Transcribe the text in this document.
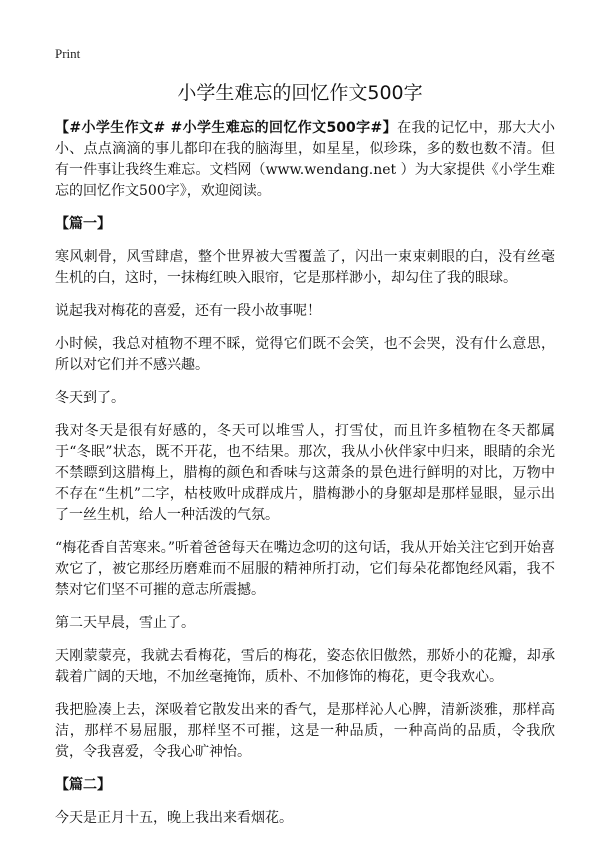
Print
小学生难忘的回忆作文500字

【#小学生作文# #小学生难忘的回忆作文500字#】在我的记忆中，那大大小小、点点滴滴的事儿都印在我的脑海里，如星星，似珍珠，多的数也数不清。但有一件事让我终生难忘。文档网（www.wendang.net ）为大家提供《小学生难忘的回忆作文500字》，欢迎阅读。

【篇一】

寒风刺骨，风雪肆虐，整个世界被大雪覆盖了，闪出一束束刺眼的白，没有丝毫生机的白，这时，一抹梅红映入眼帘，它是那样渺小，却勾住了我的眼球。

说起我对梅花的喜爱，还有一段小故事呢！

小时候，我总对植物不理不睬，觉得它们既不会笑，也不会哭，没有什么意思，所以对它们并不感兴趣。

冬天到了。

我对冬天是很有好感的，冬天可以堆雪人，打雪仗，而且许多植物在冬天都属于“冬眠”状态，既不开花，也不结果。那次，我从小伙伴家中归来，眼睛的余光不禁瞟到这腊梅上，腊梅的颜色和香味与这萧条的景色进行鲜明的对比，万物中不存在“生机”二字，枯枝败叶成群成片，腊梅渺小的身躯却是那样显眼，显示出了一丝生机，给人一种活泼的气氛。

“梅花香自苦寒来。”听着爸爸每天在嘴边念叨的这句话，我从开始关注它到开始喜欢它了，被它那经历磨难而不屈服的精神所打动，它们每朵花都饱经风霜，我不禁对它们坚不可摧的意志所震撼。

第二天早晨，雪止了。

天刚蒙蒙亮，我就去看梅花，雪后的梅花，姿态依旧傲然，那娇小的花瓣，却承载着广阔的天地，不加丝毫掩饰，质朴、不加修饰的梅花，更令我欢心。

我把脸凑上去，深吸着它散发出来的香气，是那样沁人心脾，清新淡雅，那样高洁，那样不易屈服，那样坚不可摧，这是一种品质，一种高尚的品质，令我欣赏，令我喜爱，令我心旷神怡。

【篇二】

今天是正月十五，晚上我出来看烟花。
